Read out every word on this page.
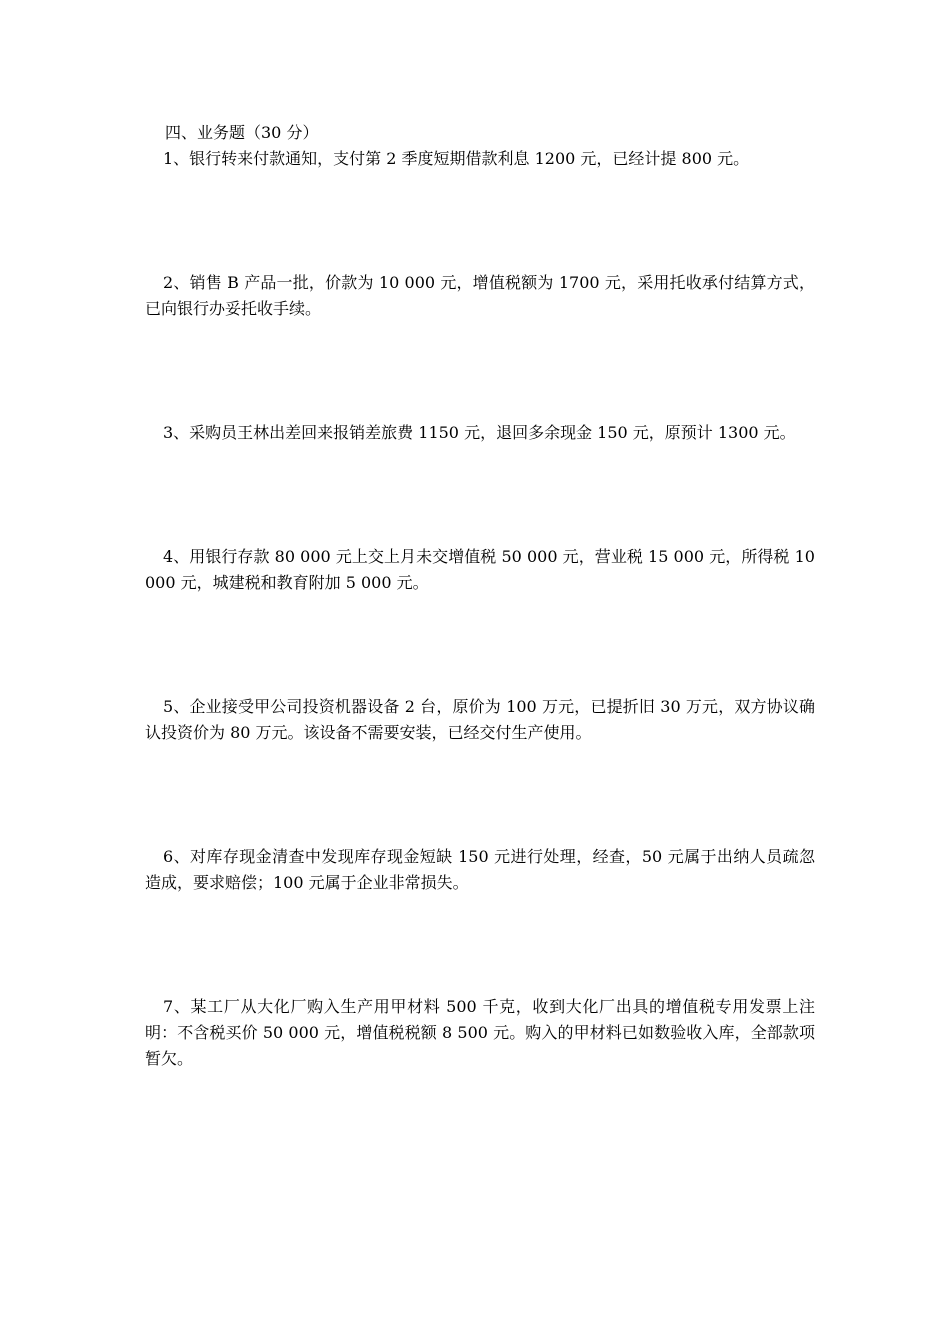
四、业务题（30 分）

1、银行转来付款通知，支付第 2 季度短期借款利息 1200 元，已经计提 800 元。

2、销售 B 产品一批，价款为 10 000 元，增值税额为 1700 元，采用托收承付结算方式，已向银行办妥托收手续。

3、采购员王林出差回来报销差旅费 1150 元，退回多余现金 150 元，原预计 1300 元。

4、用银行存款 80 000 元上交上月未交增值税 50 000 元，营业税 15 000 元，所得税 10 000 元，城建税和教育附加 5 000 元。

5、企业接受甲公司投资机器设备 2 台，原价为 100 万元，已提折旧 30 万元，双方协议确认投资价为 80 万元。该设备不需要安装，已经交付生产使用。

6、对库存现金清查中发现库存现金短缺 150 元进行处理，经查，50 元属于出纳人员疏忽造成，要求赔偿；100 元属于企业非常损失。

7、某工厂从大化厂购入生产用甲材料 500 千克，收到大化厂出具的增值税专用发票上注明：不含税买价 50 000 元，增值税税额 8 500 元。购入的甲材料已如数验收入库，全部款项暂欠。
